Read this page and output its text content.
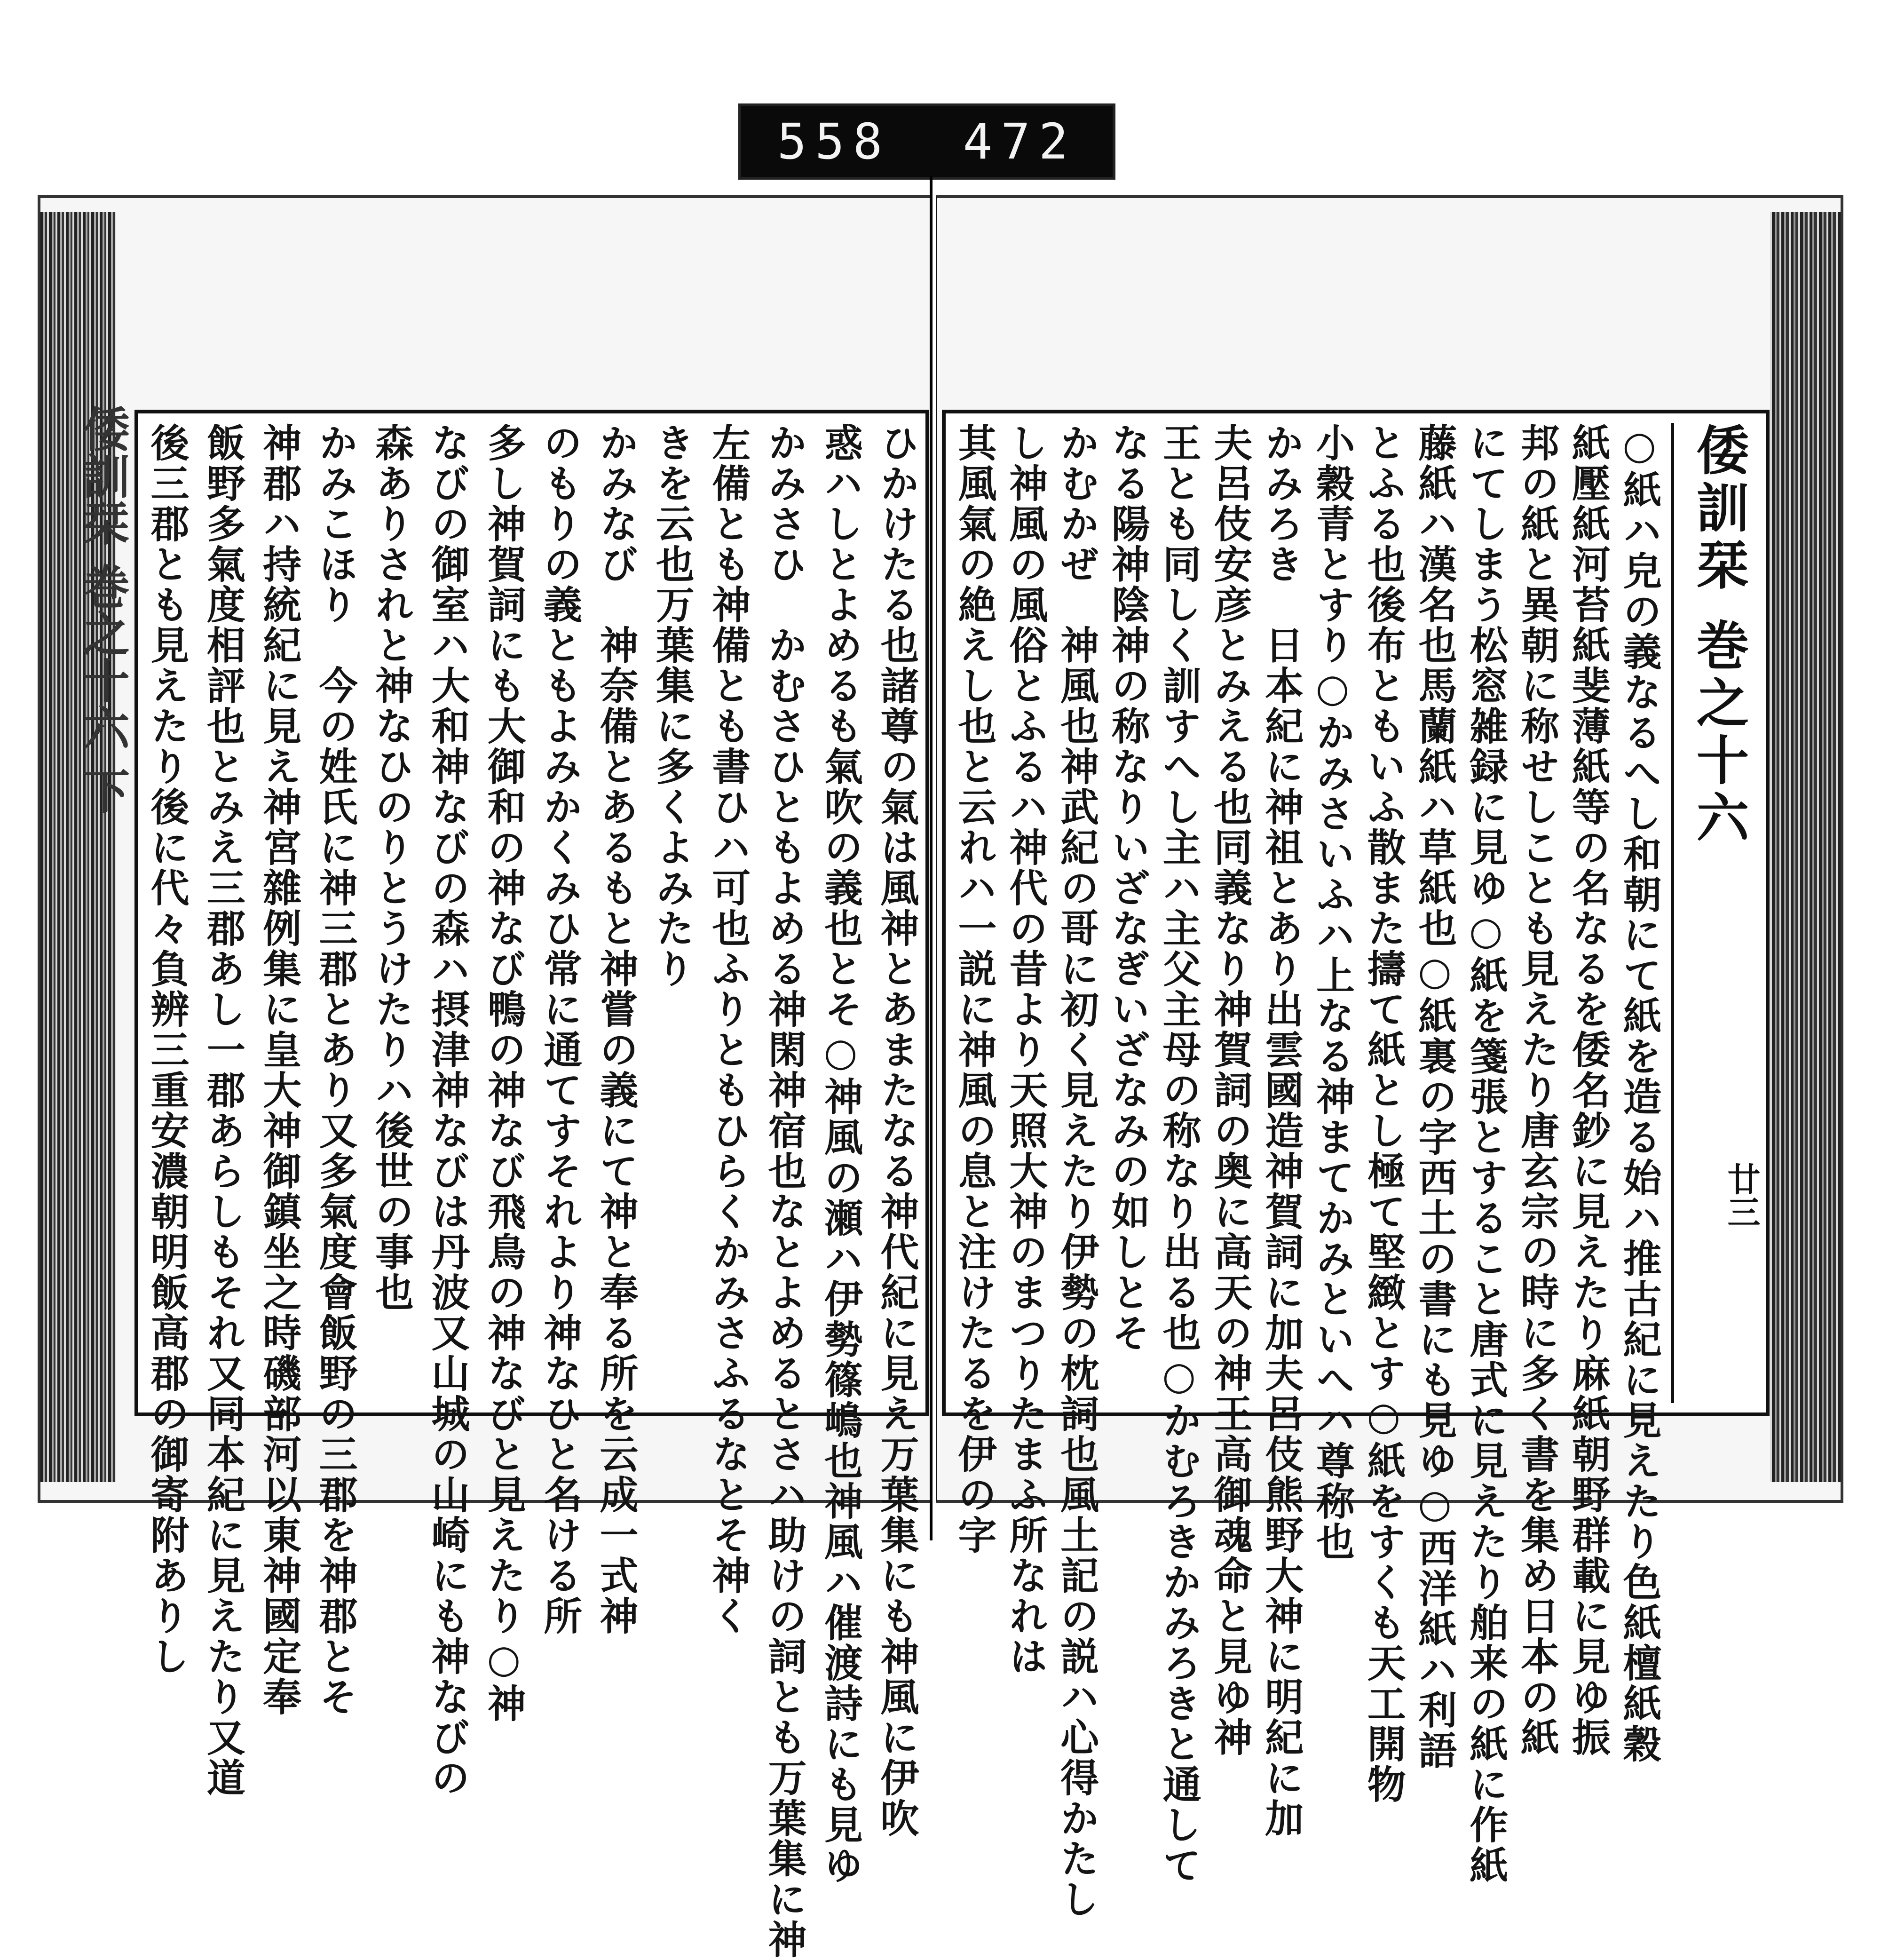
558 472
ひかけたる也諸尊の氣は風神とあまたなる神代紀に見え万葉集にも神風に伊吹
惑ハしとよめるも氣吹の義也とそ○神風の瀬ハ伊勢篠嶋也神風ハ催渡詩にも見ゆ
かみさひ　かむさひともよめる神閑神宿也なとよめるとさハ助けの詞とも万葉集に神
左備とも神備とも書ひハ可也ふりともひらくかみさふるなとそ神く
きを云也万葉集に多くよみたり
かみなび　神奈備とあるもと神嘗の義にて神と奉る所を云成一式神
のもりの義ともよみかくみひ常に通てすそれより神なひと名ける所
多し神賀詞にも大御和の神なび鴨の神なび飛鳥の神なびと見えたり○神
なびの御室ハ大和神なびの森ハ摂津神なびは丹波又山城の山崎にも神なびの
森ありされと神なひのりとうけたりハ後世の事也
かみこほり　今の姓氏に神三郡とあり又多氣度會飯野の三郡を神郡とそ
神郡ハ持統紀に見え神宮雜例集に皇大神御鎮坐之時磯部河以東神國定奉
飯野多氣度相評也とみえ三郡あし一郡あらしもそれ又同本紀に見えたり又道
後三郡とも見えたり後に代々負辨三重安濃朝明飯高郡の御寄附ありし
倭訓栞 巻之十六 下	倭訓栞 巻之十六
○紙ハ皃の義なるへし和朝にて紙を造る始ハ推古紀に見えたり色紙檀紙穀
紙壓紙河苔紙斐薄紙等の名なるを倭名鈔に見えたり麻紙朝野群載に見ゆ振
邦の紙と異朝に称せしことも見えたり唐玄宗の時に多く書を集め日本の紙
にてしまう松窓雑録に見ゆ○紙を箋張とすること唐式に見えたり舶来の紙に作紙
藤紙ハ漢名也馬蘭紙ハ草紙也○紙裏の字西土の書にも見ゆ○西洋紙ハ利語
とふる也後布ともいふ散また擣て紙とし極て堅緻とす○紙をすくも天工開物
小穀青とすり○かみさいふハ上なる神まてかみといへハ尊称也
かみろき　日本紀に神祖とあり出雲國造神賀詞に加夫呂伎熊野大神に明紀に加
夫呂伎安彦とみえる也同義なり神賀詞の奥に高天の神王高御魂命と見ゆ神
王とも同しく訓すへし主ハ主父主母の称なり出る也○かむろきかみろきと通して
なる陽神陰神の称なりいざなぎいざなみの如しとそ
かむかぜ　神風也神武紀の哥に初く見えたり伊勢の枕詞也風土記の説ハ心得かたし
し神風の風俗とふるハ神代の昔より天照大神のまつりたまふ所なれは
其風氣の絶えし也と云れハ一説に神風の息と注けたるを伊の字	廿三
